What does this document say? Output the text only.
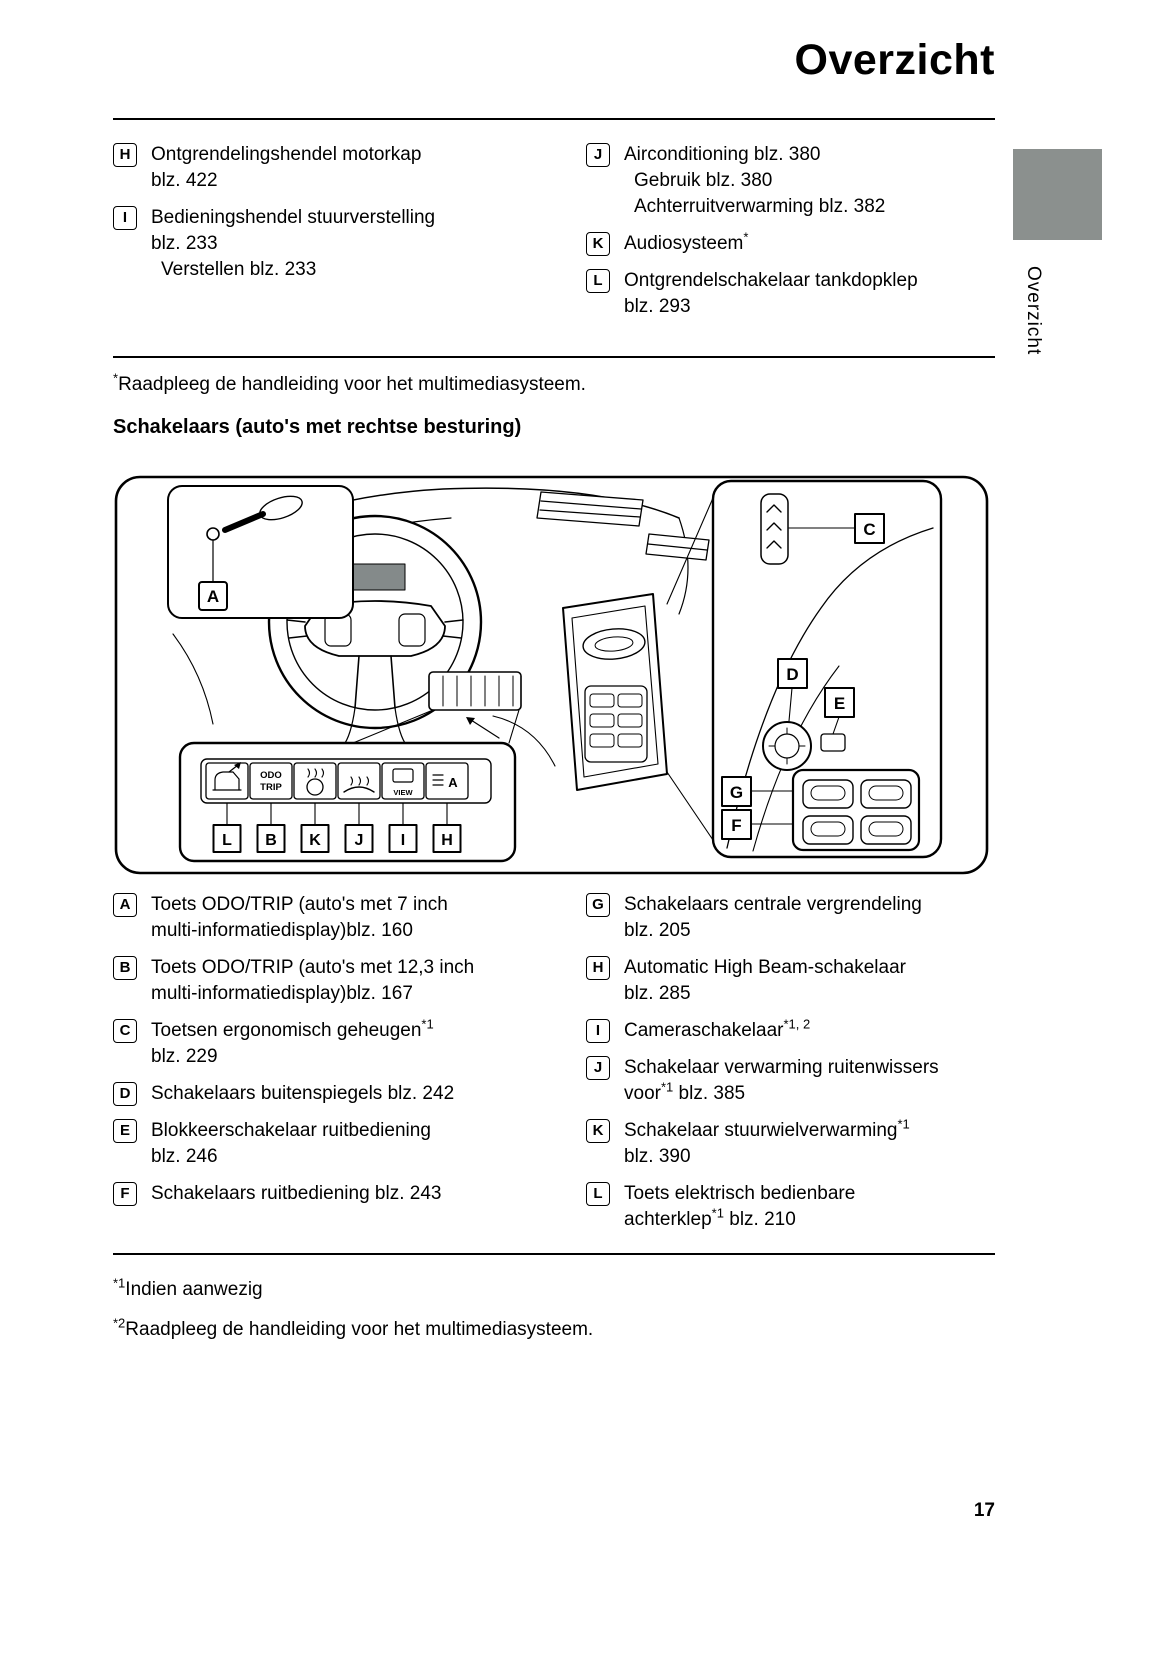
Overzicht
Overzicht
H	Ontgrendelingshendel motorkap
blz. 422
I	Bedieningshendel stuurverstelling
blz. 233
Verstellen blz. 233
J	Airconditioning blz. 380
Gebruik blz. 380
Achterruitverwarming blz. 382
K	Audiosysteem*
L	Ontgrendelschakelaar tankdopklep
blz. 293
*Raadpleeg de handleiding voor het multimediasysteem.
Schakelaars (auto's met rechtse besturing)
A
C
D
E
G
F
ODO
TRIP	VIEW
A
L B K J I H
A	Toets ODO/TRIP (auto's met 7 inch
multi-informatiedisplay)blz. 160
B	Toets ODO/TRIP (auto's met 12,3 inch
multi-informatiedisplay)blz. 167
C	Toetsen ergonomisch geheugen$^{*1}$
blz. 229
D	Schakelaars buitenspiegels blz. 242
E	Blokkeerschakelaar ruitbediening
blz. 246
F	Schakelaars ruitbediening blz. 243
G	Schakelaars centrale vergrendeling
blz. 205
H	Automatic High Beam-schakelaar
blz. 285
I	Cameraschakelaar$^{*1, 2}$
J	Schakelaar verwarming ruitenwissers
voor$^{*1}$ blz. 385
K	Schakelaar stuurwielverwarming$^{*1}$
blz. 390
L	Toets elektrisch bedienbare
achterklep$^{*1}$ blz. 210
$^{*1}$Indien aanwezig
$^{*2}$Raadpleeg de handleiding voor het multimediasysteem.
17
